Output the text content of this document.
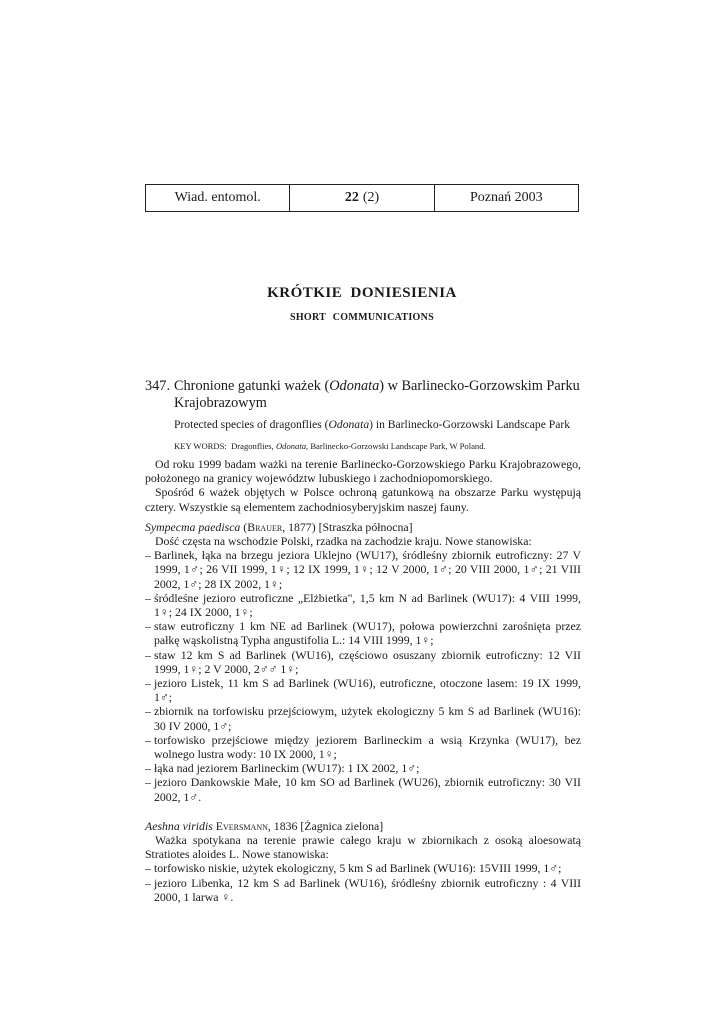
Wiad. entomol.	22 (2)	Poznań 2003
KRÓTKIE DONIESIENIA
SHORT COMMUNICATIONS
347. Chronione gatunki ważek (Odonata) w Barlinecko-Gorzowskim Parku Krajobrazowym
Protected species of dragonflies (Odonata) in Barlinecko-Gorzowski Landscape Park
KEY WORDS: Dragonflies, Odonata, Barlinecko-Gorzowski Landscape Park, W Poland.

Od roku 1999 badam ważki na terenie Barlinecko-Gorzowskiego Parku Krajobrazowego, położonego na granicy województw lubuskiego i zachodniopomorskiego.

Spośród 6 ważek objętych w Polsce ochroną gatunkową na obszarze Parku występują cztery. Wszystkie są elementem zachodniosyberyjskim naszej fauny.

Sympecma paedisca (Brauer, 1877) [Straszka północna]

Dość częsta na wschodzie Polski, rzadka na zachodzie kraju. Nowe stanowiska:

– Barlinek, łąka na brzegu jeziora Uklejno (WU17), śródleśny zbiornik eutroficzny: 27 V 1999, 1♂; 26 VII 1999, 1♀; 12 IX 1999, 1♀; 12 V 2000, 1♂; 20 VIII 2000, 1♂; 21 VIII 2002, 1♂; 28 IX 2002, 1♀;
– śródleśne jezioro eutroficzne „Elżbietka", 1,5 km N ad Barlinek (WU17): 4 VIII 1999, 1♀; 24 IX 2000, 1♀;
– staw eutroficzny 1 km NE ad Barlinek (WU17), połowa powierzchni zarośnięta przez pałkę wąskolistną Typha angustifolia L.: 14 VIII 1999, 1♀;
– staw 12 km S ad Barlinek (WU16), częściowo osuszany zbiornik eutroficzny: 12 VII 1999, 1♀; 2 V 2000, 2♂♂ 1♀;
– jezioro Listek, 11 km S ad Barlinek (WU16), eutroficzne, otoczone lasem: 19 IX 1999, 1♂;
– zbiornik na torfowisku przejściowym, użytek ekologiczny 5 km S ad Barlinek (WU16): 30 IV 2000, 1♂;
– torfowisko przejściowe między jeziorem Barlineckim a wsią Krzynka (WU17), bez wolnego lustra wody: 10 IX 2000, 1♀;
– łąka nad jeziorem Barlineckim (WU17): 1 IX 2002, 1♂;
– jezioro Dankowskie Małe, 10 km SO ad Barlinek (WU26), zbiornik eutroficzny: 30 VII 2002, 1♂.
Aeshna viridis Eversmann, 1836 [Żagnica zielona]

Ważka spotykana na terenie prawie całego kraju w zbiornikach z osoką aloesowatą Stratiotes aloides L. Nowe stanowiska:

– torfowisko niskie, użytek ekologiczny, 5 km S ad Barlinek (WU16): 15VIII 1999, 1♂;
– jezioro Libenka, 12 km S ad Barlinek (WU16), śródleśny zbiornik eutroficzny : 4 VIII 2000, 1 larwa ♀.
